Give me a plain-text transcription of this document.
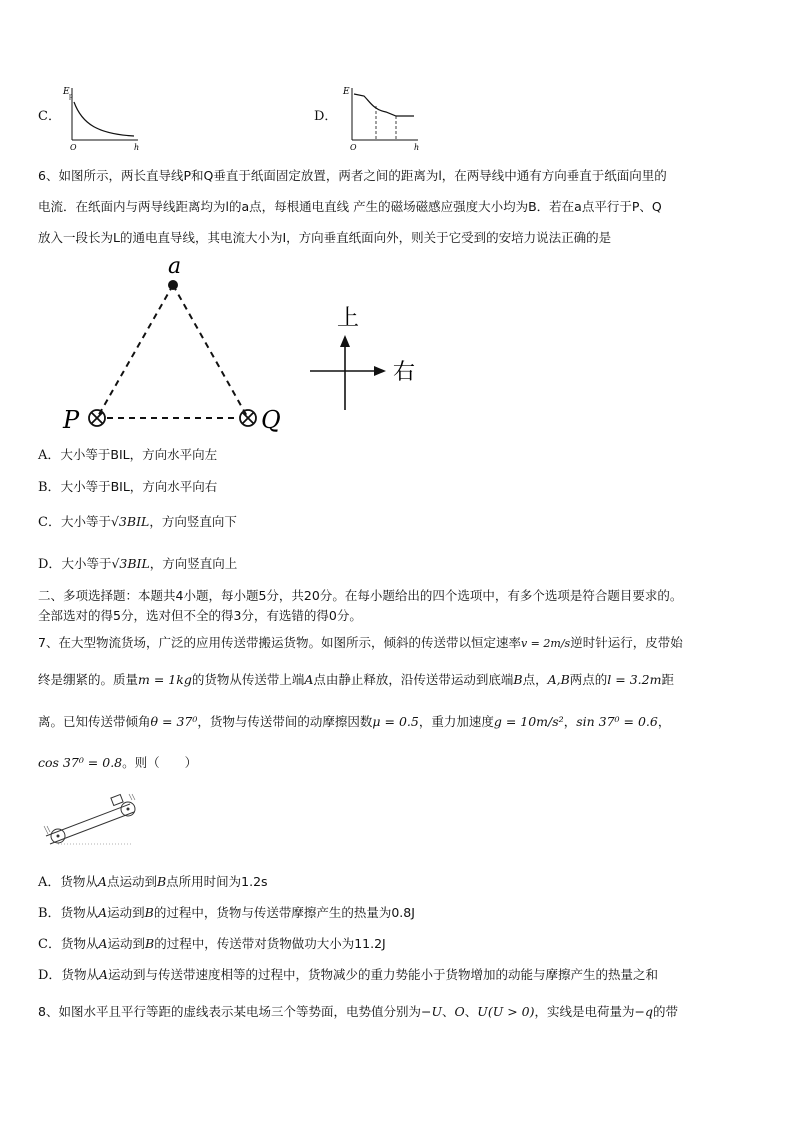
C．
E p
h
O
D．
E
h
O
6、如图所示，两长直导线P和Q垂直于纸面固定放置，两者之间的距离为l，在两导线中通有方向垂直于纸面向里的
电流．在纸面内与两导线距离均为l的a点，每根通电直线 产生的磁场磁感应强度大小均为B．若在a点平行于P、Q
放入一段长为L的通电直导线，其电流大小为I，方向垂直纸面向外，则关于它受到的安培力说法正确的是
a
P	Q
上
右
A．大小等于BIL，方向水平向左
B．大小等于BIL，方向水平向右
C．大小等于√3BIL，方向竖直向下
D．大小等于√3BIL，方向竖直向上
二、多项选择题：本题共4小题，每小题5分，共20分。在每小题给出的四个选项中，有多个选项是符合题目要求的。
全部选对的得5分，选对但不全的得3分，有选错的得0分。
7、在大型物流货场，广泛的应用传送带搬运货物。如图所示，倾斜的传送带以恒定速率v = 2m/s逆时针运行，皮带始
终是绷紧的。质量m = 1kg的货物从传送带上端A点由静止释放，沿传送带运动到底端B点，A,B两点的l = 3.2m距
离。已知传送带倾角θ = 37⁰，货物与传送带间的动摩擦因数μ = 0.5，重力加速度g = 10m/s²，sin 37⁰ = 0.6，
cos 37⁰ = 0.8。则（　　）
A．货物从A点运动到B点所用时间为1.2s
B．货物从A运动到B的过程中，货物与传送带摩擦产生的热量为0.8J
C．货物从A运动到B的过程中，传送带对货物做功大小为11.2J
D．货物从A运动到与传送带速度相等的过程中，货物减少的重力势能小于货物增加的动能与摩擦产生的热量之和
8、如图水平且平行等距的虚线表示某电场三个等势面，电势值分别为−U、O、U(U > 0)，实线是电荷量为−q的带
